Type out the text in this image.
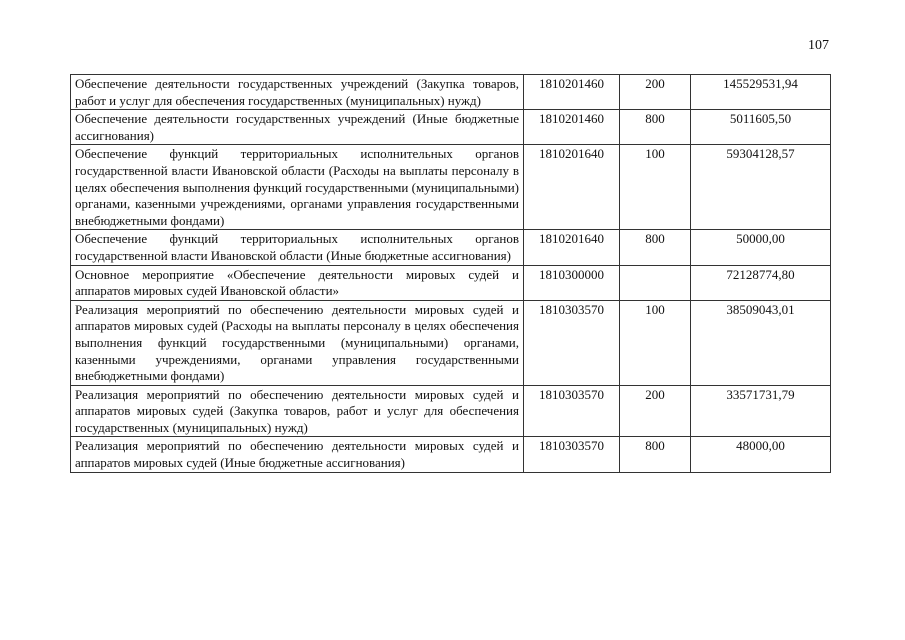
107
Обеспечение деятельности государственных учреждений (Закупка товаров, работ и услуг для обеспечения государственных (муниципальных) нужд)	1810201460	200	145529531,94
Обеспечение деятельности государственных учреждений (Иные бюджетные ассигнования)	1810201460	800	5011605,50
Обеспечение функций территориальных исполнительных органов государственной власти Ивановской области (Расходы на выплаты персоналу в целях обеспечения выполнения функций государственными (муниципальными) органами, казенными учреждениями, органами управления государственными внебюджетными фондами)	1810201640	100	59304128,57
Обеспечение функций территориальных исполнительных органов государственной власти Ивановской области (Иные бюджетные ассигнования)	1810201640	800	50000,00
Основное мероприятие «Обеспечение деятельности мировых судей и аппаратов мировых судей Ивановской области»	1810300000		72128774,80
Реализация мероприятий по обеспечению деятельности мировых судей и аппаратов мировых судей (Расходы на выплаты персоналу в целях обеспечения выполнения функций государственными (муниципальными) органами, казенными учреждениями, органами управления государственными внебюджетными фондами)	1810303570	100	38509043,01
Реализация мероприятий по обеспечению деятельности мировых судей и аппаратов мировых судей (Закупка товаров, работ и услуг для обеспечения государственных (муниципальных) нужд)	1810303570	200	33571731,79
Реализация мероприятий по обеспечению деятельности мировых судей и аппаратов мировых судей (Иные бюджетные ассигнования)	1810303570	800	48000,00
